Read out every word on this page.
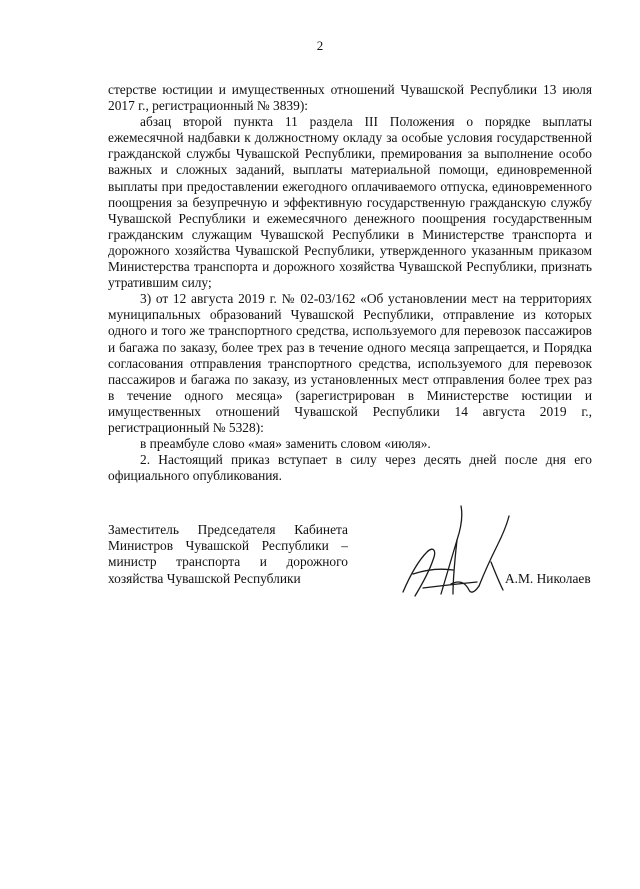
2

стерстве юстиции и имущественных отношений Чувашской Республики 13 июля 2017 г., регистрационный № 3839):

абзац второй пункта 11 раздела III Положения о порядке выплаты ежемесячной надбавки к должностному окладу за особые условия государственной гражданской службы Чувашской Республики, премирования за выполнение особо важных и сложных заданий, выплаты материальной помощи, единовременной выплаты при предоставлении ежегодного оплачиваемого отпуска, единовременного поощрения за безупречную и эффективную государственную гражданскую службу Чувашской Республики и ежемесячного денежного поощрения государственным гражданским служащим Чувашской Республики в Министерстве транспорта и дорожного хозяйства Чувашской Республики, утвержденного указанным приказом Министерства транспорта и дорожного хозяйства Чувашской Республики, признать утратившим силу;

3) от 12 августа 2019 г. № 02-03/162 «Об установлении мест на территориях муниципальных образований Чувашской Республики, отправление из которых одного и того же транспортного средства, используемого для перевозок пассажиров и багажа по заказу, более трех раз в течение одного месяца запрещается, и Порядка согласования отправления транспортного средства, используемого для перевозок пассажиров и багажа по заказу, из установленных мест отправления более трех раз в течение одного месяца» (зарегистрирован в Министерстве юстиции и имущественных отношений Чувашской Республики 14 августа 2019 г., регистрационный № 5328):

в преамбуле слово «мая» заменить словом «июля».

2. Настоящий приказ вступает в силу через десять дней после дня его официального опубликования.

Заместитель Председателя Кабинета

Министров Чувашской Республики –

министр транспорта и дорожного

хозяйства Чувашской Республики	А.М. Николаев
